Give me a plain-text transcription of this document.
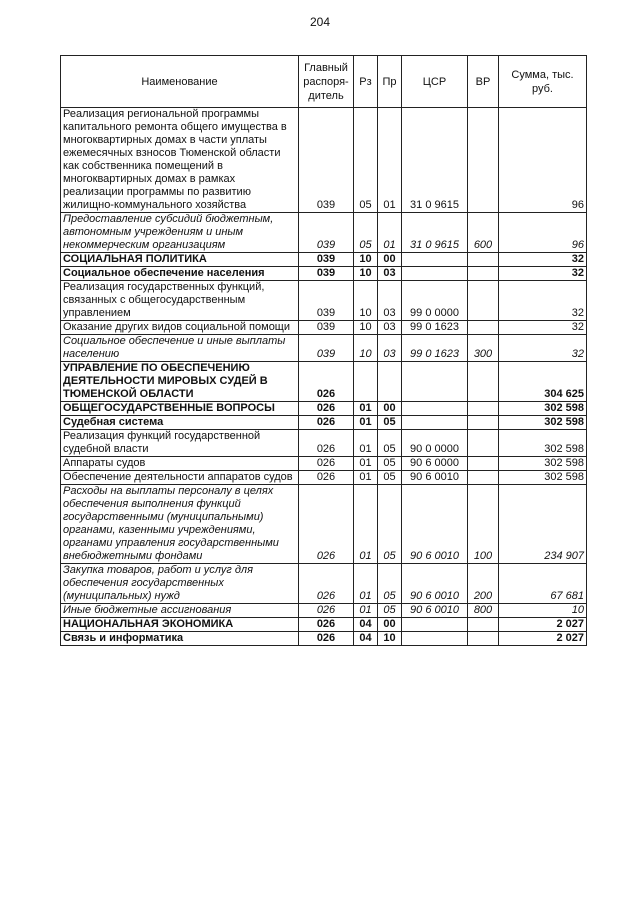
204
Наименование	Главный распоря-дитель	Рз	Пр	ЦСР	ВР	Сумма, тыс. руб.
Реализация региональной программы капитального ремонта общего имущества в многоквартирных домах в части уплаты ежемесячных взносов Тюменской области как собственника помещений в многоквартирных домах в рамках реализации программы по развитию жилищно-коммунального хозяйства	039	05	01	31 0 9615		96
Предоставление субсидий бюджетным, автономным учреждениям и иным некоммерческим организациям	039	05	01	31 0 9615	600	96
СОЦИАЛЬНАЯ ПОЛИТИКА	039	10	00			32
Социальное обеспечение населения	039	10	03			32
Реализация государственных функций, связанных с общегосударственным управлением	039	10	03	99 0 0000		32
Оказание других видов социальной помощи	039	10	03	99 0 1623		32
Социальное обеспечение и иные выплаты населению	039	10	03	99 0 1623	300	32
УПРАВЛЕНИЕ ПО ОБЕСПЕЧЕНИЮ ДЕЯТЕЛЬНОСТИ МИРОВЫХ СУДЕЙ В ТЮМЕНСКОЙ ОБЛАСТИ	026					304 625
ОБЩЕГОСУДАРСТВЕННЫЕ ВОПРОСЫ	026	01	00			302 598
Судебная система	026	01	05			302 598
Реализация функций государственной судебной власти	026	01	05	90 0 0000		302 598
Аппараты судов	026	01	05	90 6 0000		302 598
Обеспечение деятельности аппаратов судов	026	01	05	90 6 0010		302 598
Расходы на выплаты персоналу в целях обеспечения выполнения функций государственными (муниципальными) органами, казенными учреждениями, органами управления государственными внебюджетными фондами	026	01	05	90 6 0010	100	234 907
Закупка товаров, работ и услуг для обеспечения государственных (муниципальных) нужд	026	01	05	90 6 0010	200	67 681
Иные бюджетные ассигнования	026	01	05	90 6 0010	800	10
НАЦИОНАЛЬНАЯ ЭКОНОМИКА	026	04	00			2 027
Связь и информатика	026	04	10			2 027
